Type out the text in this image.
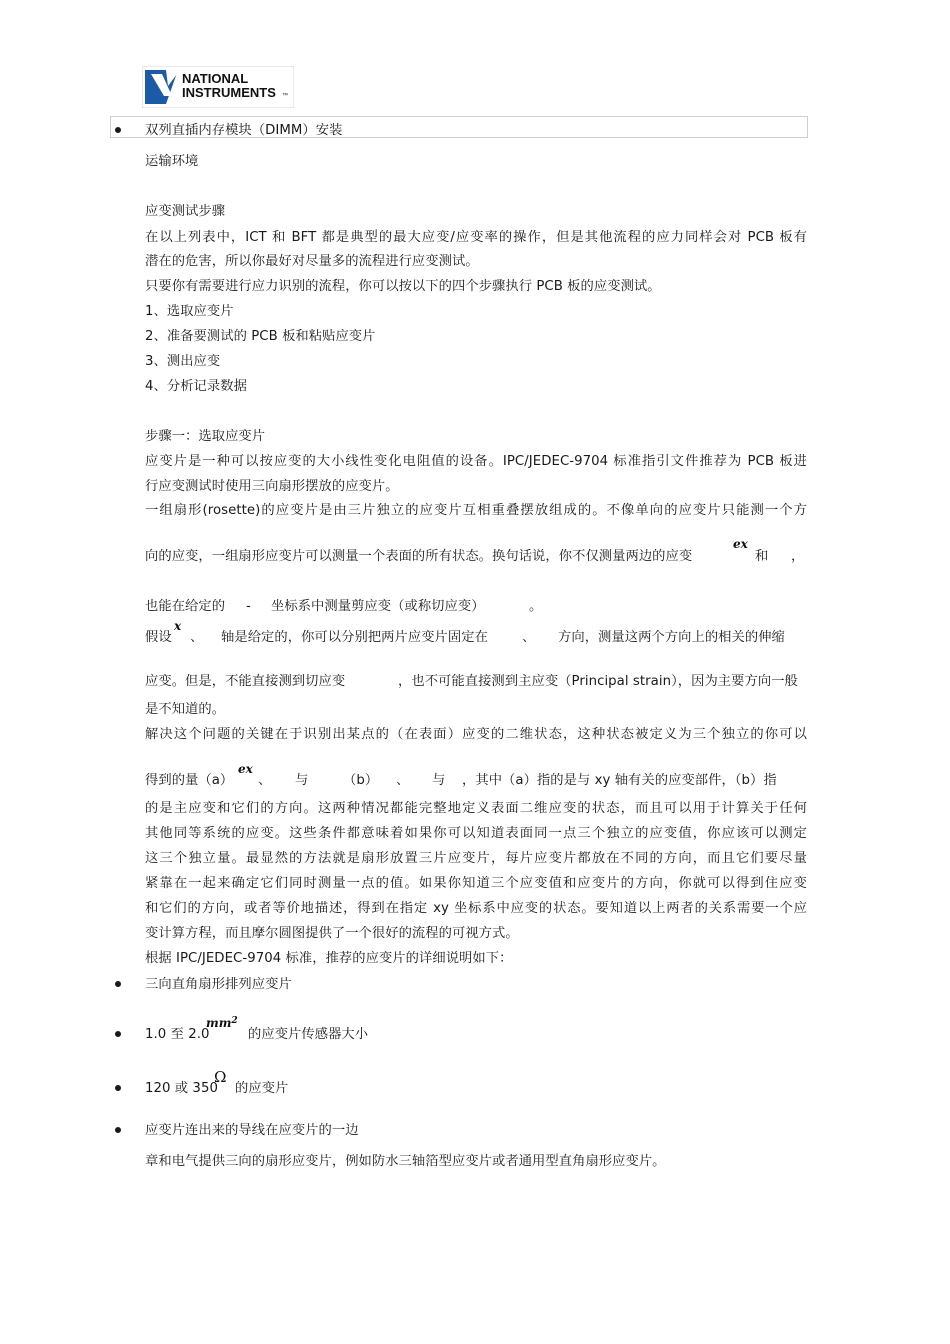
NATIONAL
INSTRUMENTS ™
双列直插内存模块（DIMM）安装
运输环境
应变测试步骤
在以上列表中，ICT 和 BFT 都是典型的最大应变/应变率的操作，但是其他流程的应力同样会对 PCB 板有
潜在的危害，所以你最好对尽量多的流程进行应变测试。
只要你有需要进行应力识别的流程，你可以按以下的四个步骤执行 PCB 板的应变测试。
1、选取应变片
2、准备要测试的 PCB 板和粘贴应变片
3、测出应变
4、分析记录数据
步骤一：选取应变片
应变片是一种可以按应变的大小线性变化电阻值的设备。IPC/JEDEC-9704 标准指引文件推荐为 PCB 板进
行应变测试时使用三向扇形摆放的应变片。
一组扇形(rosette)的应变片是由三片独立的应变片互相重叠摆放组成的。不像单向的应变片只能测一个方
向的应变，一组扇形应变片可以测量一个表面的所有状态。换句话说，你不仅测量两边的应变
ex
和 ，
也能在给定的 - 坐标系中测量剪应变（或称切应变）	。
假设
x
、 轴是给定的，你可以分别把两片应变片固定在	、 方向，测量这两个方向上的相关的伸缩
应变。但是，不能直接测到切应变	，也不可能直接测到主应变（Principal strain），因为主要方向一般
是不知道的。
解决这个问题的关键在于识别出某点的（在表面）应变的二维状态，这种状态被定义为三个独立的你可以
得到的量（a）
ex
、 与	（b） 、 与 ，其中（a）指的是与 xy 轴有关的应变部件，（b）指
的是主应变和它们的方向。这两种情况都能完整地定义表面二维应变的状态，而且可以用于计算关于任何
其他同等系统的应变。这些条件都意味着如果你可以知道表面同一点三个独立的应变值，你应该可以测定
这三个独立量。最显然的方法就是扇形放置三片应变片，每片应变片都放在不同的方向，而且它们要尽量
紧靠在一起来确定它们同时测量一点的值。如果你知道三个应变值和应变片的方向，你就可以得到住应变
和它们的方向，或者等价地描述，得到在指定 xy 坐标系中应变的状态。要知道以上两者的关系需要一个应
变计算方程，而且摩尔圆图提供了一个很好的流程的可视方式。
根据 IPC/JEDEC-9704 标准，推荐的应变片的详细说明如下：
三向直角扇形排列应变片
1.0 至 2.0
$mm^2$
的应变片传感器大小
120 或 350
Ω
的应变片
应变片连出来的导线在应变片的一边
章和电气提供三向的扇形应变片，例如防水三轴箔型应变片或者通用型直角扇形应变片。
